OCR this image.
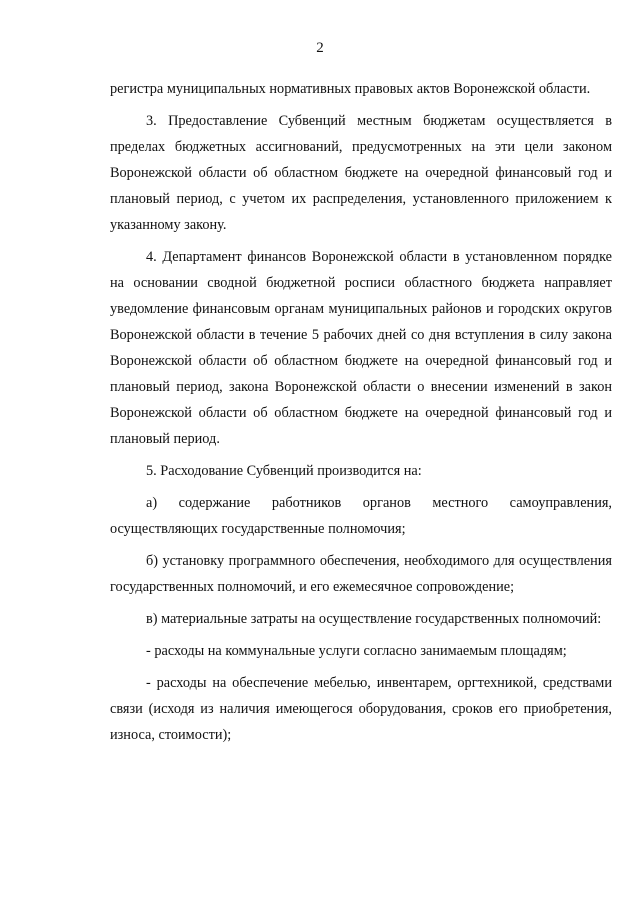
2

регистра муниципальных нормативных правовых актов Воронежской области.

3. Предоставление Субвенций местным бюджетам осуществляется в пределах бюджетных ассигнований, предусмотренных на эти цели законом Воронежской области об областном бюджете на очередной финансовый год и плановый период, с учетом их распределения, установленного приложением к указанному закону.

4. Департамент финансов Воронежской области в установленном порядке на основании сводной бюджетной росписи областного бюджета направляет уведомление финансовым органам муниципальных районов и городских округов Воронежской области в течение 5 рабочих дней со дня вступления в силу закона Воронежской области об областном бюджете на очередной финансовый год и плановый период, закона Воронежской области о внесении изменений в закон Воронежской области об областном бюджете на очередной финансовый год и плановый период.

5. Расходование Субвенций производится на:

а) содержание работников органов местного самоуправления, осуществляющих государственные полномочия;

б) установку программного обеспечения, необходимого для осуществления государственных полномочий, и его ежемесячное сопровождение;

в) материальные затраты на осуществление государственных полномочий:

- расходы на коммунальные услуги согласно занимаемым площадям;

- расходы на обеспечение мебелью, инвентарем, оргтехникой, средствами связи (исходя из наличия имеющегося оборудования, сроков его приобретения, износа, стоимости);
